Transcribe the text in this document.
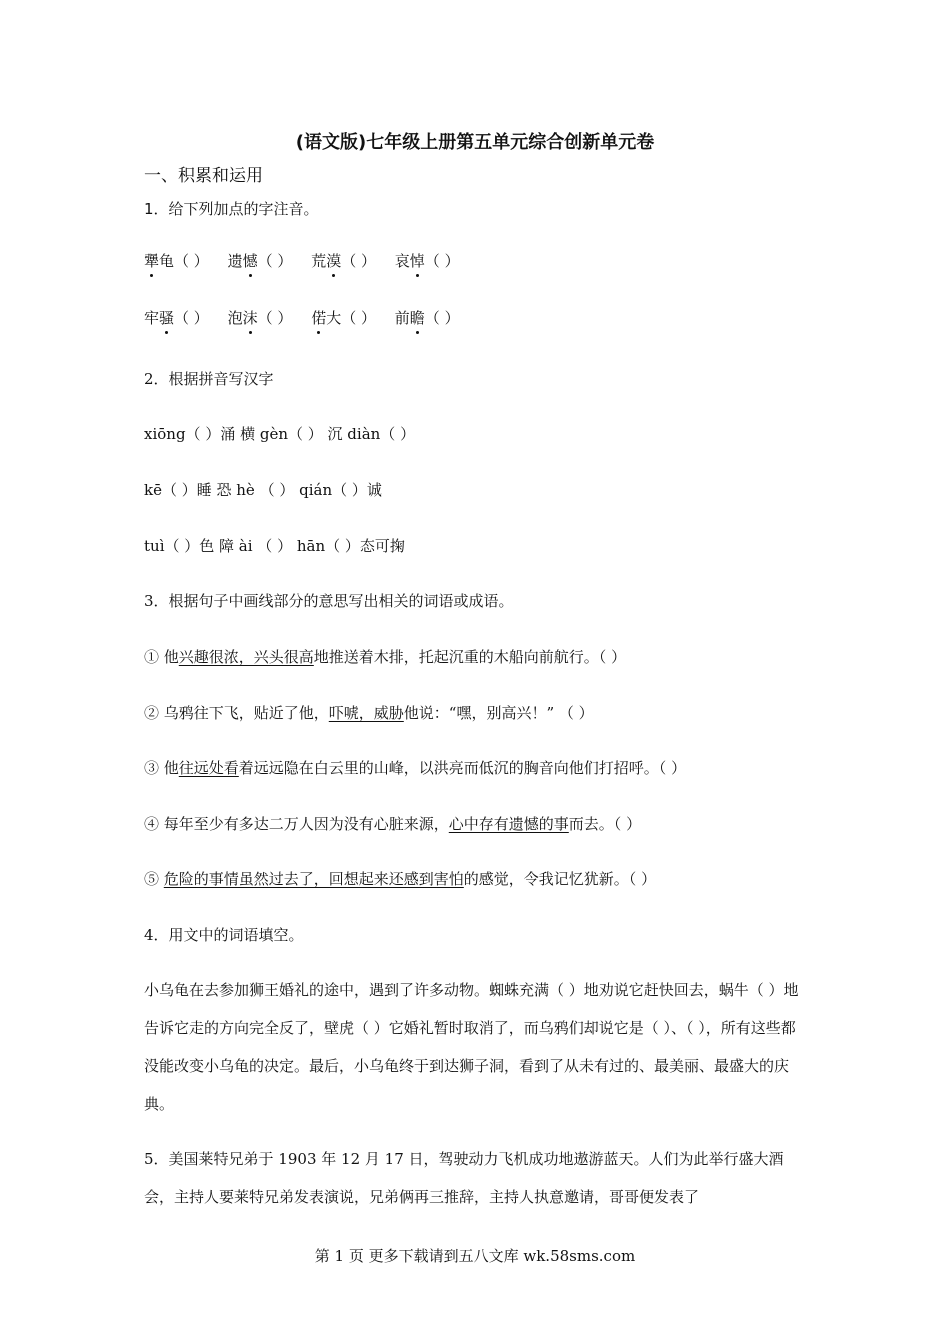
(语文版)七年级上册第五单元综合创新单元卷
一、积累和运用
1．给下列加点的字注音。
犟龟（ ） 遗憾（ ） 荒漠（ ） 哀悼（ ）
牢骚（ ） 泡沫（ ） 偌大（ ） 前瞻（ ）
2．根据拼音写汉字
xiōng（ ）涌 横 gèn（ ） 沉 diàn（ ）
kē（ ）睡 恐 hè （ ） qián（ ）诚
tuì（ ）色 障 ài （ ） hān（ ）态可掬
3．根据句子中画线部分的意思写出相关的词语或成语。
① 他兴趣很浓，兴头很高地推送着木排，托起沉重的木船向前航行。（ ）
② 乌鸦往下飞，贴近了他，吓唬，威胁他说：“嘿，别高兴！” （ ）
③ 他往远处看着远远隐在白云里的山峰，以洪亮而低沉的胸音向他们打招呼。（ ）
④ 每年至少有多达二万人因为没有心脏来源，心中存有遗憾的事而去。（ ）
⑤ 危险的事情虽然过去了，回想起来还感到害怕的感觉，令我记忆犹新。（ ）
4．用文中的词语填空。
小乌龟在去参加狮王婚礼的途中，遇到了许多动物。蜘蛛充满（ ）地劝说它赶快回去，蜗牛（ ）地告诉它走的方向完全反了，壁虎（ ）它婚礼暂时取消了，而乌鸦们却说它是（ ）、（ ），所有这些都没能改变小乌龟的决定。最后，小乌龟终于到达狮子洞，看到了从未有过的、最美丽、最盛大的庆典。
5．美国莱特兄弟于 1903 年 12 月 17 日，驾驶动力飞机成功地遨游蓝天。人们为此举行盛大酒会，主持人要莱特兄弟发表演说，兄弟俩再三推辞，主持人执意邀请，哥哥便发表了
第 1 页 更多下载请到五八文库 wk.58sms.com
